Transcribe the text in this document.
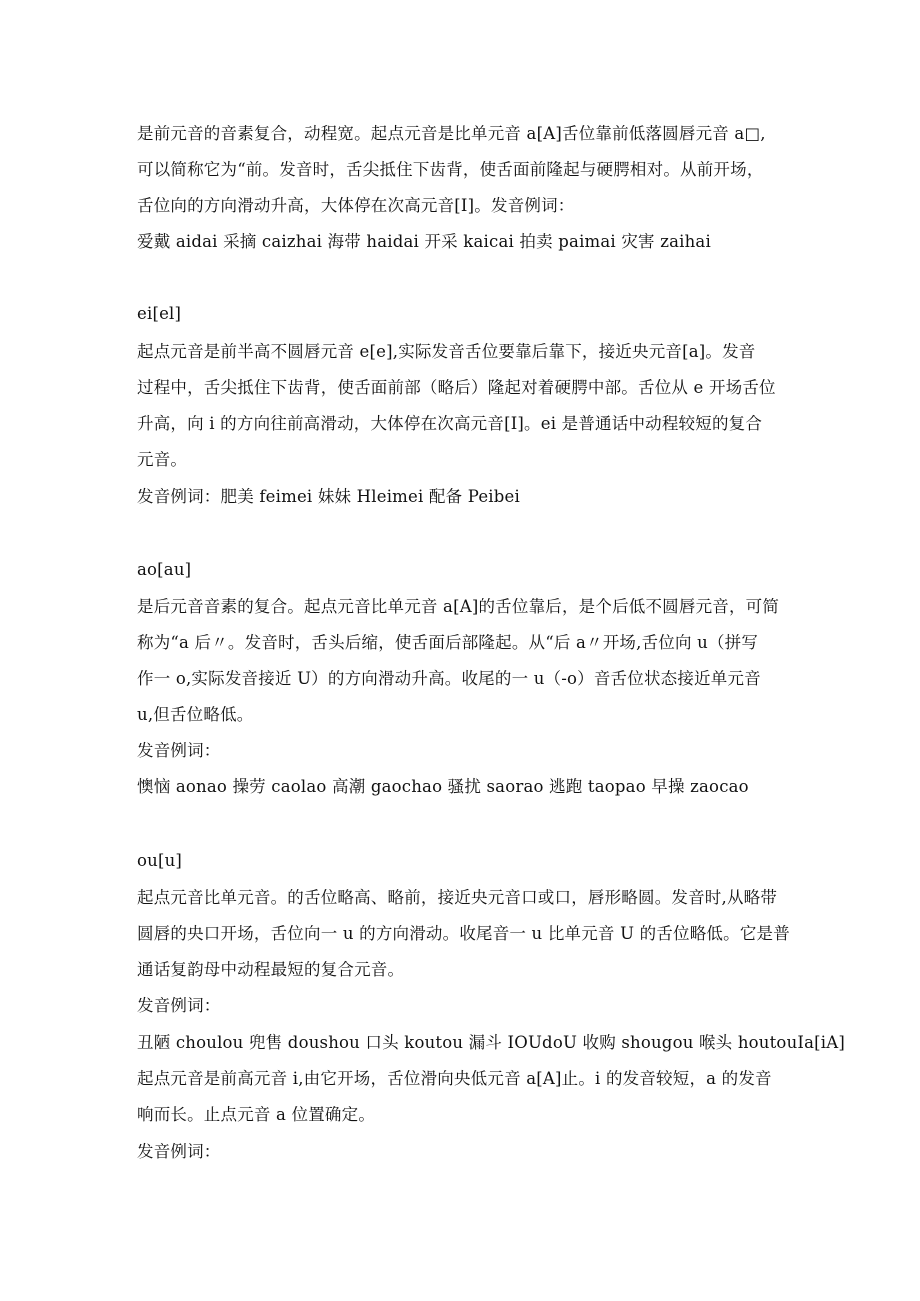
是前元音的音素复合，动程宽。起点元音是比单元音 a[A]舌位靠前低落圆唇元音 a□,
可以简称它为“前。发音时，舌尖抵住下齿背，使舌面前隆起与硬腭相对。从前开场，
舌位向的方向滑动升高，大体停在次高元音[I]。发音例词：
爱戴 aidai 采摘 caizhai 海带 haidai 开采 kaicai 拍卖 paimai 灾害 zaihai
ei[el]
起点元音是前半高不圆唇元音 e[e],实际发音舌位要靠后靠下，接近央元音[a]。发音
过程中，舌尖抵住下齿背，使舌面前部（略后）隆起对着硬腭中部。舌位从 e 开场舌位
升高，向 i 的方向往前高滑动，大体停在次高元音[I]。ei 是普通话中动程较短的复合
元音。
发音例词：肥美 feimei 妹妹 Hleimei 配备 Peibei
ao[au]
是后元音音素的复合。起点元音比单元音 a[A]的舌位靠后，是个后低不圆唇元音，可简
称为“a 后〃。发音时，舌头后缩，使舌面后部隆起。从“后 a〃开场,舌位向 u（拼写
作一 o,实际发音接近 U）的方向滑动升高。收尾的一 u（-o）音舌位状态接近单元音
u,但舌位略低。
发音例词：
懊恼 aonao 操劳 caolao 高潮 gaochao 骚扰 saorao 逃跑 taopao 早操 zaocao
ou[u]
起点元音比单元音。的舌位略高、略前，接近央元音口或口，唇形略圆。发音时,从略带
圆唇的央口开场，舌位向一 u 的方向滑动。收尾音一 u 比单元音 U 的舌位略低。它是普
通话复韵母中动程最短的复合元音。
发音例词：
丑陋 choulou 兜售 doushou 口头 koutou 漏斗 IOUdoU 收购 shougou 喉头 houtouIa[iA]
起点元音是前高元音 i,由它开场，舌位滑向央低元音 a[A]止。i 的发音较短，a 的发音
响而长。止点元音 a 位置确定。
发音例词：
